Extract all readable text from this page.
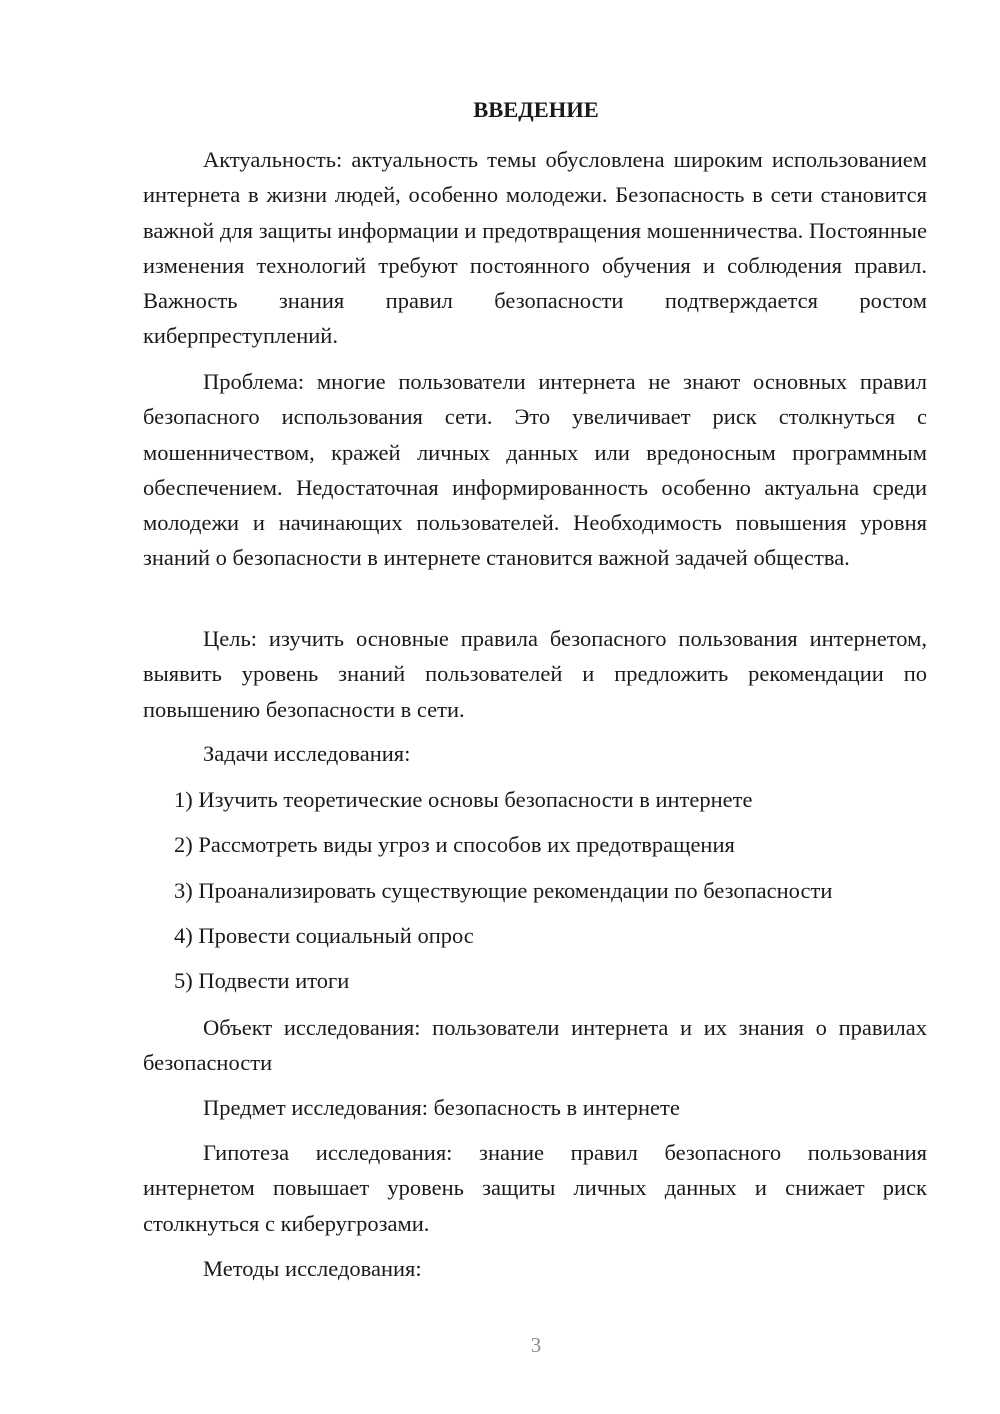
ВВЕДЕНИЕ
Актуальность: актуальность темы обусловлена широким использованием интернета в жизни людей, особенно молодежи. Безопасность в сети становится важной для защиты информации и предотвращения мошенничества. Постоянные изменения технологий требуют постоянного обучения и соблюдения правил. Важность знания правил безопасности подтверждается ростом киберпреступлений.
Проблема: многие пользователи интернета не знают основных правил безопасного использования сети. Это увеличивает риск столкнуться с мошенничеством, кражей личных данных или вредоносным программным обеспечением. Недостаточная информированность особенно актуальна среди молодежи и начинающих пользователей. Необходимость повышения уровня знаний о безопасности в интернете становится важной задачей общества.
Цель: изучить основные правила безопасного пользования интернетом, выявить уровень знаний пользователей и предложить рекомендации по повышению безопасности в сети.
Задачи исследования:
1) Изучить теоретические основы безопасности в интернете
2) Рассмотреть виды угроз и способов их предотвращения
3) Проанализировать существующие рекомендации по безопасности
4) Провести социальный опрос
5) Подвести итоги
Объект исследования: пользователи интернета и их знания о правилах безопасности
Предмет исследования: безопасность в интернете
Гипотеза исследования: знание правил безопасного пользования интернетом повышает уровень защиты личных данных и снижает риск столкнуться с киберугрозами.
Методы исследования:
3
